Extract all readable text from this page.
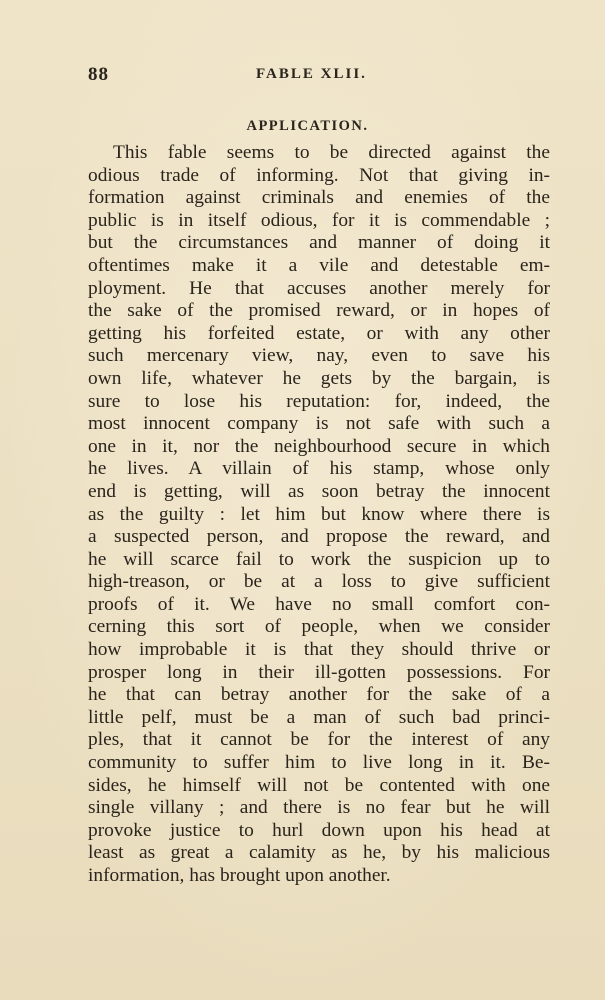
88	FABLE XLII.
APPLICATION.
This fable seems to be directed against the
odious trade of informing. Not that giving in-
formation against criminals and enemies of the
public is in itself odious, for it is commendable ;
but the circumstances and manner of doing it
oftentimes make it a vile and detestable em-
ployment. He that accuses another merely for
the sake of the promised reward, or in hopes of
getting his forfeited estate, or with any other
such mercenary view, nay, even to save his
own life, whatever he gets by the bargain, is
sure to lose his reputation: for, indeed, the
most innocent company is not safe with such a
one in it, nor the neighbourhood secure in which
he lives. A villain of his stamp, whose only
end is getting, will as soon betray the innocent
as the guilty : let him but know where there is
a suspected person, and propose the reward, and
he will scarce fail to work the suspicion up to
high-treason, or be at a loss to give sufficient
proofs of it. We have no small comfort con-
cerning this sort of people, when we consider
how improbable it is that they should thrive or
prosper long in their ill-gotten possessions. For
he that can betray another for the sake of a
little pelf, must be a man of such bad princi-
ples, that it cannot be for the interest of any
community to suffer him to live long in it. Be-
sides, he himself will not be contented with one
single villany ; and there is no fear but he will
provoke justice to hurl down upon his head at
least as great a calamity as he, by his malicious
information, has brought upon another.
